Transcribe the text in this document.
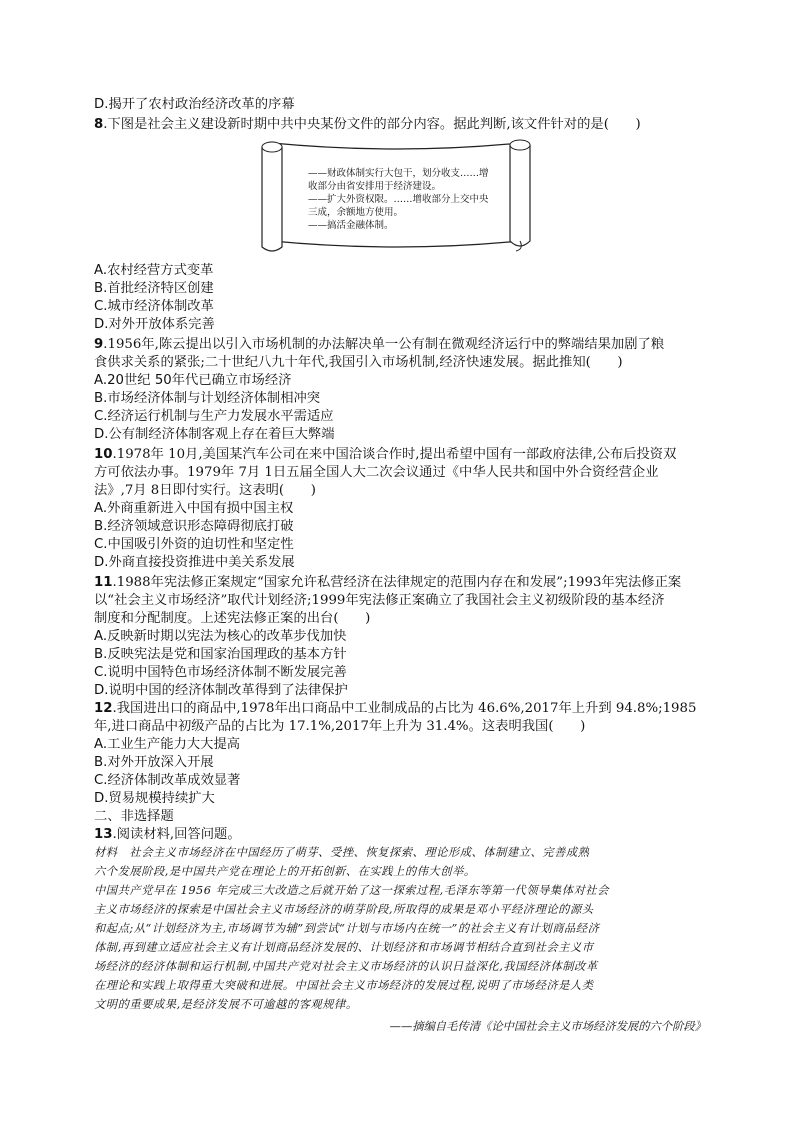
D.揭开了农村政治经济改革的序幕
8.下图是社会主义建设新时期中共中央某份文件的部分内容。据此判断,该文件针对的是(　　)
——财政体制实行大包干，划分收支……增
收部分由省安排用于经济建设。
——扩大外资权限。……增收部分上交中央
三成，余额地方使用。
——搞活金融体制。
A.农村经营方式变革
B.首批经济特区创建
C.城市经济体制改革
D.对外开放体系完善
9.1956年,陈云提出以引入市场机制的办法解决单一公有制在微观经济运行中的弊端结果加剧了粮
食供求关系的紧张;二十世纪八九十年代,我国引入市场机制,经济快速发展。据此推知(　　)
A.20世纪 50年代已确立市场经济
B.市场经济体制与计划经济体制相冲突
C.经济运行机制与生产力发展水平需适应
D.公有制经济体制客观上存在着巨大弊端
10.1978年 10月,美国某汽车公司在来中国洽谈合作时,提出希望中国有一部政府法律,公布后投资双
方可依法办事。1979年 7月 1日五届全国人大二次会议通过《中华人民共和国中外合资经营企业
法》,7月 8日即付实行。这表明(　　)
A.外商重新进入中国有损中国主权
B.经济领域意识形态障碍彻底打破
C.中国吸引外资的迫切性和坚定性
D.外商直接投资推进中美关系发展
11.1988年宪法修正案规定“国家允许私营经济在法律规定的范围内存在和发展”;1993年宪法修正案
以“社会主义市场经济”取代计划经济;1999年宪法修正案确立了我国社会主义初级阶段的基本经济
制度和分配制度。上述宪法修正案的出台(　　)
A.反映新时期以宪法为核心的改革步伐加快
B.反映宪法是党和国家治国理政的基本方针
C.说明中国特色市场经济体制不断发展完善
D.说明中国的经济体制改革得到了法律保护
12.我国进出口的商品中,1978年出口商品中工业制成品的占比为 46.6%,2017年上升到 94.8%;1985
年,进口商品中初级产品的占比为 17.1%,2017年上升为 31.4%。这表明我国(　　)
A.工业生产能力大大提高
B.对外开放深入开展
C.经济体制改革成效显著
D.贸易规模持续扩大
二、非选择题
13.阅读材料,回答问题。
材料　社会主义市场经济在中国经历了萌芽、受挫、恢复探索、理论形成、体制建立、完善成熟
六个发展阶段,是中国共产党在理论上的开拓创新、在实践上的伟大创举。
中国共产党早在 1956 年完成三大改造之后就开始了这一探索过程,毛泽东等第一代领导集体对社会
主义市场经济的探索是中国社会主义市场经济的萌芽阶段,所取得的成果是邓小平经济理论的源头
和起点;从“计划经济为主,市场调节为辅”到尝试“计划与市场内在统一”的社会主义有计划商品经济
体制,再到建立适应社会主义有计划商品经济发展的、计划经济和市场调节相结合直到社会主义市
场经济的经济体制和运行机制,中国共产党对社会主义市场经济的认识日益深化,我国经济体制改革
在理论和实践上取得重大突破和进展。中国社会主义市场经济的发展过程,说明了市场经济是人类
文明的重要成果,是经济发展不可逾越的客观规律。
——摘编自毛传清《论中国社会主义市场经济发展的六个阶段》
